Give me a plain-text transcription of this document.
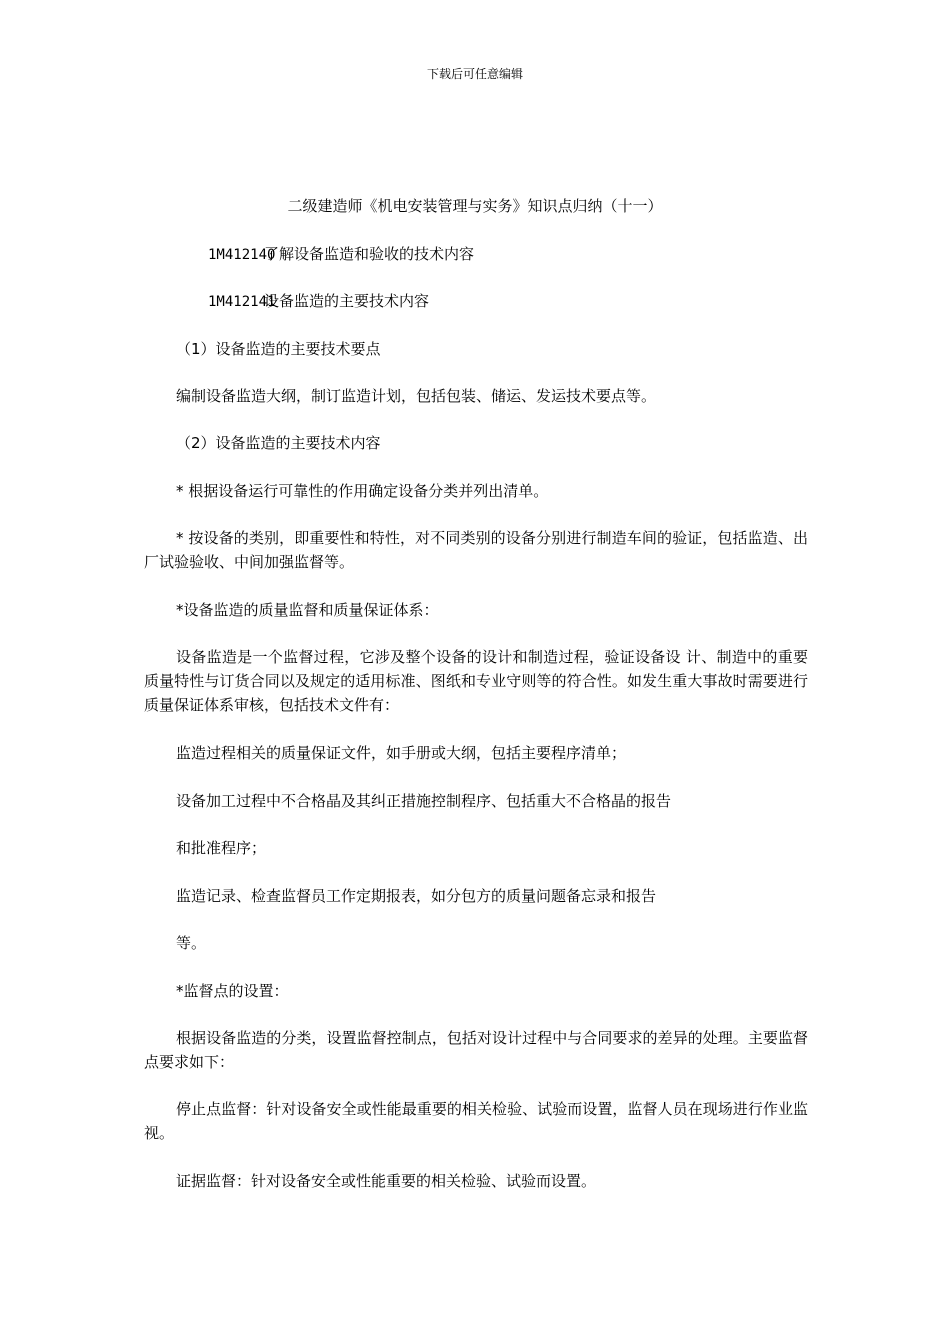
下载后可任意编辑
二级建造师《机电安装管理与实务》知识点归纳（十一）
1M412140了解设备监造和验收的技术内容
1M412141设备监造的主要技术内容

（1）设备监造的主要技术要点

编制设备监造大纲，制订监造计划，包括包装、储运、发运技术要点等。

（2）设备监造的主要技术内容

* 根据设备运行可靠性的作用确定设备分类并列出清单。

* 按设备的类别，即重要性和特性，对不同类别的设备分别进行制造车间的验证，包括监造、出厂试验验收、中间加强监督等。

*设备监造的质量监督和质量保证体系：

设备监造是一个监督过程，它涉及整个设备的设计和制造过程，验证设备设 计、制造中的重要质量特性与订货合同以及规定的适用标准、图纸和专业守则等的符合性。如发生重大事故时需要进行质量保证体系审核，包括技术文件有：

监造过程相关的质量保证文件，如手册或大纲，包括主要程序清单；

设备加工过程中不合格晶及其纠正措施控制程序、包括重大不合格晶的报告

和批准程序；

监造记录、检查监督员工作定期报表，如分包方的质量问题备忘录和报告

等。

*监督点的设置：

根据设备监造的分类，设置监督控制点，包括对设计过程中与合同要求的差异的处理。主要监督点要求如下：

停止点监督：针对设备安全或性能最重要的相关检验、试验而设置，监督人员在现场进行作业监视。

证据监督：针对设备安全或性能重要的相关检验、试验而设置。
